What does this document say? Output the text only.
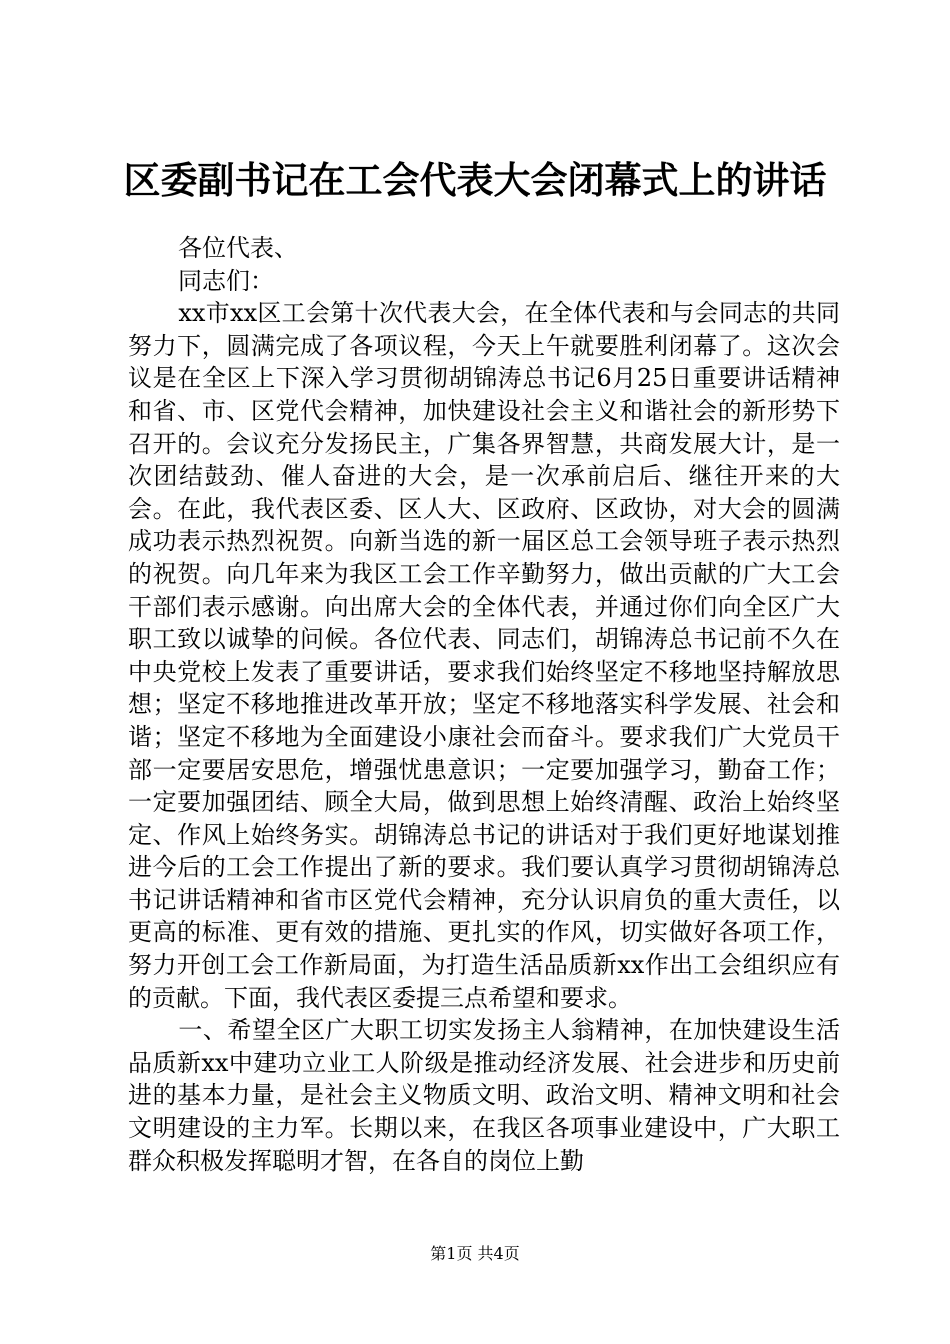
区委副书记在工会代表大会闭幕式上的讲话

各位代表、

同志们：

xx市xx区工会第十次代表大会，在全体代表和与会同志的共同努力下，圆满完成了各项议程，今天上午就要胜利闭幕了。这次会议是在全区上下深入学习贯彻胡锦涛总书记6月25日重要讲话精神和省、市、区党代会精神，加快建设社会主义和谐社会的新形势下召开的。会议充分发扬民主，广集各界智慧，共商发展大计，是一次团结鼓劲、催人奋进的大会，是一次承前启后、继往开来的大会。在此，我代表区委、区人大、区政府、区政协，对大会的圆满成功表示热烈祝贺。向新当选的新一届区总工会领导班子表示热烈的祝贺。向几年来为我区工会工作辛勤努力，做出贡献的广大工会干部们表示感谢。向出席大会的全体代表，并通过你们向全区广大职工致以诚挚的问候。各位代表、同志们，胡锦涛总书记前不久在中央党校上发表了重要讲话，要求我们始终坚定不移地坚持解放思想；坚定不移地推进改革开放；坚定不移地落实科学发展、社会和谐；坚定不移地为全面建设小康社会而奋斗。要求我们广大党员干部一定要居安思危，增强忧患意识；一定要加强学习，勤奋工作；一定要加强团结、顾全大局，做到思想上始终清醒、政治上始终坚定、作风上始终务实。胡锦涛总书记的讲话对于我们更好地谋划推进今后的工会工作提出了新的要求。我们要认真学习贯彻胡锦涛总书记讲话精神和省市区党代会精神，充分认识肩负的重大责任，以更高的标准、更有效的措施、更扎实的作风，切实做好各项工作，努力开创工会工作新局面，为打造生活品质新xx作出工会组织应有的贡献。下面，我代表区委提三点希望和要求。

一、希望全区广大职工切实发扬主人翁精神，在加快建设生活品质新xx中建功立业工人阶级是推动经济发展、社会进步和历史前进的基本力量，是社会主义物质文明、政治文明、精神文明和社会文明建设的主力军。长期以来，在我区各项事业建设中，广大职工群众积极发挥聪明才智，在各自的岗位上勤

第1页 共4页
